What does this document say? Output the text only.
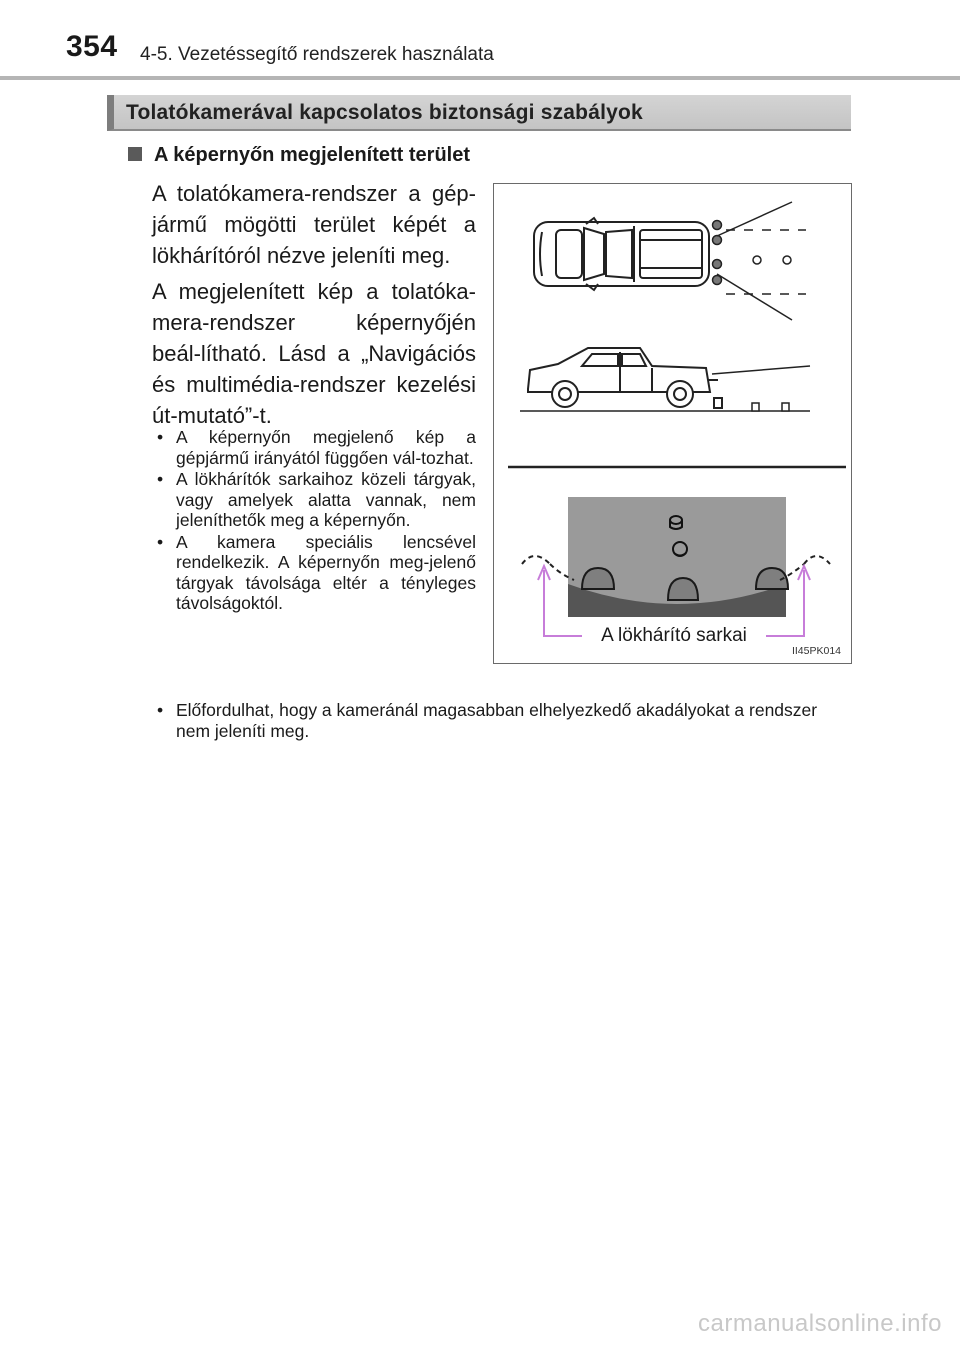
354 4-5. Vezetéssegítő rendszerek használata
Tolatókamerával kapcsolatos biztonsági szabályok
A képernyőn megjelenített terület
A tolatókamera-rendszer a gép-jármű mögötti terület képét a lökhárítóról nézve jeleníti meg.
A megjelenített kép a tolatóka-mera-rendszer képernyőjén beál-lítható. Lásd a „Navigációs és multimédia-rendszer kezelési út-mutató”-t.
• A képernyőn megjelenő kép a gépjármű irányától függően vál-tozhat.
• A lökhárítók sarkaihoz közeli tárgyak, vagy amelyek alatta vannak, nem jeleníthetők meg a képernyőn.
• A kamera speciális lencsével rendelkezik. A képernyőn meg-jelenő tárgyak távolsága eltér a tényleges távolságoktól.
• Előfordulhat, hogy a kameránál magasabban elhelyezkedő akadályokat a rendszer nem jeleníti meg.
A lökhárító sarkai
II45PK014
carmanualsonline.info
